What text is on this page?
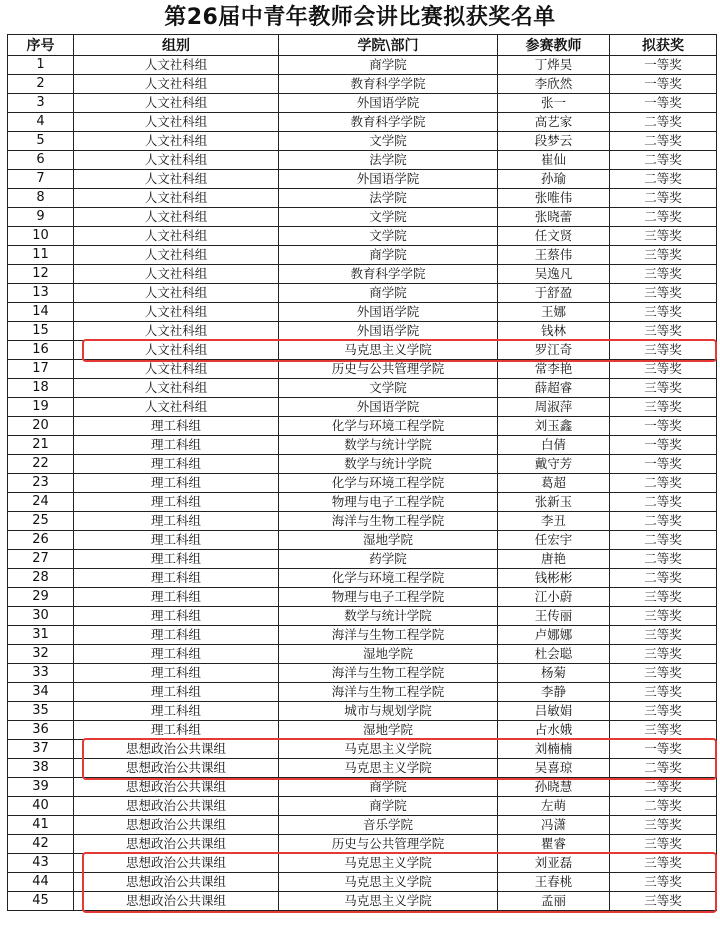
第26届中青年教师会讲比赛拟获奖名单
序号	组别	学院\部门	参赛教师	拟获奖
1	人文社科组	商学院	丁烨昊	一等奖
2	人文社科组	教育科学学院	李欣然	一等奖
3	人文社科组	外国语学院	张一	一等奖
4	人文社科组	教育科学学院	高艺家	二等奖
5	人文社科组	文学院	段梦云	二等奖
6	人文社科组	法学院	崔仙	二等奖
7	人文社科组	外国语学院	孙瑜	二等奖
8	人文社科组	法学院	张唯伟	二等奖
9	人文社科组	文学院	张晓蕾	二等奖
10	人文社科组	文学院	任文贤	三等奖
11	人文社科组	商学院	王蔡伟	三等奖
12	人文社科组	教育科学学院	吴逸凡	三等奖
13	人文社科组	商学院	于舒盈	三等奖
14	人文社科组	外国语学院	王娜	三等奖
15	人文社科组	外国语学院	钱林	三等奖
16	人文社科组	马克思主义学院	罗江奇	三等奖
17	人文社科组	历史与公共管理学院	常李艳	三等奖
18	人文社科组	文学院	薛超睿	三等奖
19	人文社科组	外国语学院	周淑萍	三等奖
20	理工科组	化学与环境工程学院	刘玉鑫	一等奖
21	理工科组	数学与统计学院	白倩	一等奖
22	理工科组	数学与统计学院	戴守芳	一等奖
23	理工科组	化学与环境工程学院	葛超	二等奖
24	理工科组	物理与电子工程学院	张新玉	二等奖
25	理工科组	海洋与生物工程学院	李丑	二等奖
26	理工科组	湿地学院	任宏宇	二等奖
27	理工科组	药学院	唐艳	二等奖
28	理工科组	化学与环境工程学院	钱彬彬	二等奖
29	理工科组	物理与电子工程学院	江小蔚	三等奖
30	理工科组	数学与统计学院	王传丽	三等奖
31	理工科组	海洋与生物工程学院	卢娜娜	三等奖
32	理工科组	湿地学院	杜会聪	三等奖
33	理工科组	海洋与生物工程学院	杨菊	三等奖
34	理工科组	海洋与生物工程学院	李静	三等奖
35	理工科组	城市与规划学院	吕敏娟	三等奖
36	理工科组	湿地学院	占水娥	三等奖
37	思想政治公共课组	马克思主义学院	刘楠楠	一等奖
38	思想政治公共课组	马克思主义学院	吴喜琼	二等奖
39	思想政治公共课组	商学院	孙晓慧	二等奖
40	思想政治公共课组	商学院	左萌	二等奖
41	思想政治公共课组	音乐学院	冯潇	三等奖
42	思想政治公共课组	历史与公共管理学院	瞿睿	三等奖
43	思想政治公共课组	马克思主义学院	刘亚磊	三等奖
44	思想政治公共课组	马克思主义学院	王春桃	三等奖
45	思想政治公共课组	马克思主义学院	孟丽	三等奖
